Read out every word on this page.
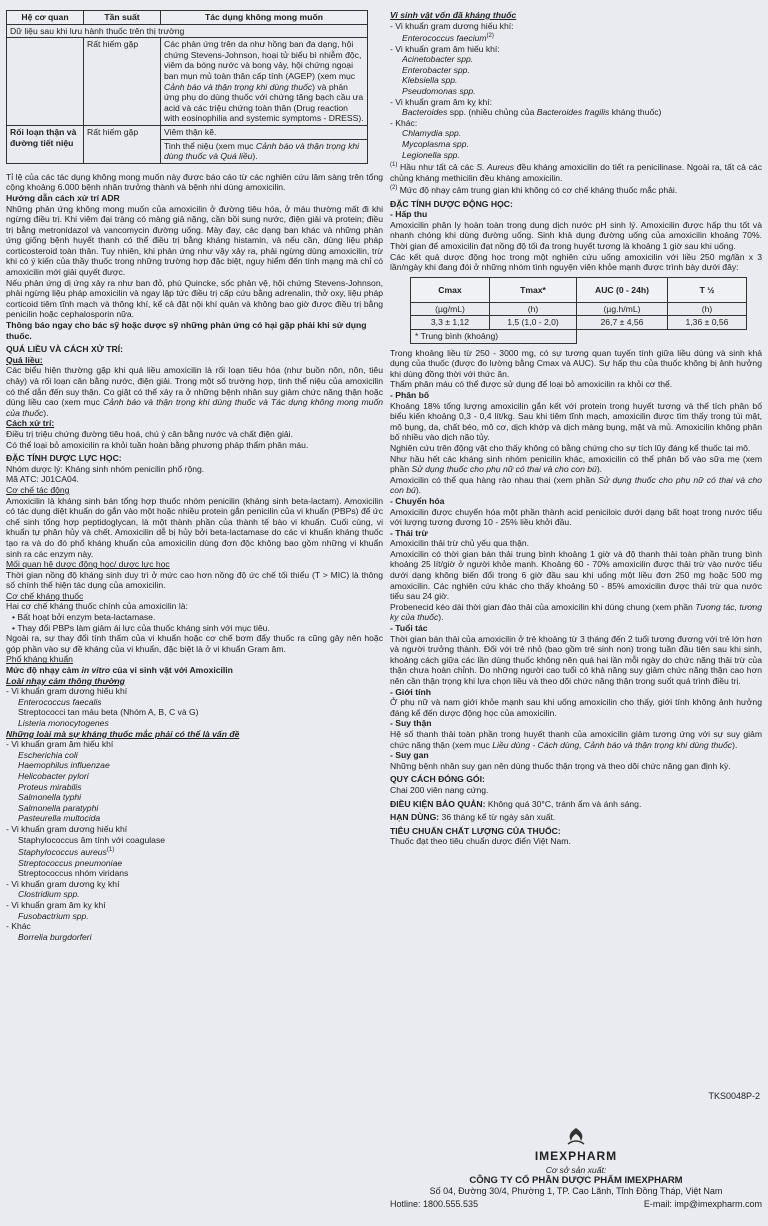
Hệ cơ quan	Tần suất	Tác dụng không mong muốn
Dữ liệu sau khi lưu hành thuốc trên thị trường		
	Rất hiếm gặp	Các phản ứng trên da như hồng ban đa dạng, hội chứng Stevens-Johnson, hoại tử biểu bì nhiễm độc, viêm da bóng nước và bong vảy, hội chứng ngoại ban mụn mủ toàn thân cấp tính (AGEP) (xem mục Cảnh báo và thận trọng khi dùng thuốc) và phản ứng phụ do dùng thuốc với chứng tăng bạch cầu ưa acid và các triệu chứng toàn thân (Drug reaction with eosinophilia and systemic symptoms - DRESS).
Rối loạn thận và đường tiết niệu	Rất hiếm gặp	Viêm thận kẽ.
		Tinh thể niệu (xem mục Cảnh báo và thận trọng khi dùng thuốc và Quá liều).

Tỉ lệ của các tác dụng không mong muốn này được báo cáo từ các nghiên cứu lâm sàng trên tổng cộng khoảng 6.000 bệnh nhân trưởng thành và bệnh nhi dùng amoxicilin.

Hướng dẫn cách xử trí ADR

Những phản ứng không mong muốn của amoxicilin ở đường tiêu hóa, ở máu thường mất đi khi ngừng điều trị. Khi viêm đại tràng có màng giả nặng, cần bồi sung nước, điện giải và protein; điều trị bằng metronidazol và vancomycin đường uống. Mày đay, các dạng ban khác và những phản ứng giống bệnh huyết thanh có thể điều trị bằng kháng histamin, và nếu cần, dùng liệu pháp corticosteroid toàn thân. Tuy nhiên, khi phản ứng như vậy xảy ra, phải ngừng dùng amoxicilin, trừ khi có ý kiến của thầy thuốc trong những trường hợp đặc biệt, nguy hiểm đến tính mạng mà chỉ có amoxicilin mới giải quyết được.

Nếu phản ứng dị ứng xảy ra như ban đỏ, phù Quincke, sốc phản vệ, hội chứng Stevens-Johnson, phải ngừng liệu pháp amoxicilin và ngay lập tức điều trị cấp cứu bằng adrenalin, thở oxy, liệu pháp corticoid tiêm tĩnh mạch và thông khí, kể cả đặt nội khí quản và không bao giờ được điều trị bằng penicilin hoặc cephalosporin nữa.

Thông báo ngay cho bác sỹ hoặc dược sỹ những phản ứng có hại gặp phải khi sử dụng thuốc.

QUÁ LIỀU VÀ CÁCH XỬ TRÍ:

Quá liều:

Các biểu hiện thường gặp khi quá liều amoxicilin là rối loạn tiêu hóa (như buồn nôn, nôn, tiêu chảy) và rối loạn cân bằng nước, điện giải. Trong một số trường hợp, tinh thể niệu của amoxicilin có thể dẫn đến suy thận. Co giật có thể xảy ra ở những bệnh nhân suy giảm chức năng thận hoặc dùng liều cao (xem mục Cảnh báo và thận trọng khi dùng thuốc và Tác dụng không mong muốn của thuốc).

Cách xử trí:

Điều trị triệu chứng đường tiêu hoá, chú ý cân bằng nước và chất điện giải.

Có thể loại bỏ amoxicilin ra khỏi tuần hoàn bằng phương pháp thẩm phân máu.

ĐẶC TÍNH DƯỢC LỰC HỌC:

Nhóm dược lý: Kháng sinh nhóm penicilin phổ rộng.

Mã ATC: J01CA04.

Cơ chế tác động

Amoxicilin là kháng sinh bán tổng hợp thuốc nhóm penicilin (kháng sinh beta-lactam). Amoxicilin có tác dụng diệt khuẩn do gắn vào một hoặc nhiều protein gắn penicilin của vi khuẩn (PBPs) để ức chế sinh tổng hợp peptidoglycan, là một thành phần của thành tế bào vi khuẩn. Cuối cùng, vi khuẩn tự phân hủy và chết. Amoxicilin dễ bị hủy bởi beta-lactamase do các vi khuẩn kháng thuốc tạo ra và do đó phổ kháng khuẩn của amoxicilin dùng đơn độc không bao gồm những vi khuẩn sinh ra các enzym này.

Mối quan hệ dược động học/ dược lực học

Thời gian nồng độ kháng sinh duy trì ở mức cao hơn nồng độ ức chế tối thiểu (T > MIC) là thông số chính thể hiện tác dụng của amoxicilin.

Cơ chế kháng thuốc

Hai cơ chế kháng thuốc chính của amoxicilin là:

• Bất hoạt bởi enzym beta-lactamase.

• Thay đổi PBPs làm giảm ái lực của thuốc kháng sinh với mục tiêu.

Ngoài ra, sự thay đổi tính thấm của vi khuẩn hoặc cơ chế bơm đẩy thuốc ra cũng gây nên hoặc góp phần vào sự đề kháng của vi khuẩn, đặc biệt là ở vi khuẩn Gram âm.

Phổ kháng khuẩn

Mức độ nhạy cảm in vitro của vi sinh vật với Amoxicilin

Loài nhạy cảm thông thường

- Vi khuẩn gram dương hiếu khí

Enterococcus faecalis

Streptococci tan máu beta (Nhóm A, B, C và G)

Listeria monocytogenes

Những loài mà sự kháng thuốc mắc phải có thể là vấn đề

- Vi khuẩn gram âm hiếu khí

Escherichia coli

Haemophilus influenzae

Helicobacter pylori

Proteus mirabilis

Salmonella typhi

Salmonella paratyphi

Pasteurella multocida

- Vi khuẩn gram dương hiếu khí

Staphylococcus âm tính với coagulase

Staphylococcus aureus$^{(1)}$

Streptococcus pneumoniae

Streptococcus nhóm viridans

- Vi khuẩn gram dương kỵ khí

Clostridium spp.

- Vi khuẩn gram âm kỵ khí

Fusobactrium spp.

- Khác

Borrelia burgdorferi

Vi sinh vật vốn đã kháng thuốc

- Vi khuẩn gram dương hiếu khí:

Enterococcus faecium$^{(2)}$

- Vi khuẩn gram âm hiếu khí:

Acinetobacter spp.

Enterobacter spp.

Klebsiella spp.

Pseudomonas spp.

- Vi khuẩn gram âm kỵ khí:

Bacteroides spp. (nhiều chủng của Bacteroides fragilis kháng thuốc)

- Khác:

Chlamydia spp.

Mycoplasma spp.

Legionella spp.

$^{(1)}$ Hầu như tất cả các S. Aureus đều kháng amoxicilin do tiết ra penicilinase. Ngoài ra, tất cả các chủng kháng methicilin đều kháng amoxicilin.

$^{(2)}$ Mức độ nhạy cảm trung gian khi không có cơ chế kháng thuốc mắc phải.

ĐẶC TÍNH DƯỢC ĐỘNG HỌC:

- Hấp thu

Amoxicilin phân ly hoàn toàn trong dung dịch nước pH sinh lý. Amoxicilin được hấp thu tốt và nhanh chóng khi dùng đường uống. Sinh khả dụng đường uống của amoxicilin khoảng 70%. Thời gian để amoxicilin đạt nồng độ tối đa trong huyết tương là khoảng 1 giờ sau khi uống.

Các kết quả dược động học trong một nghiên cứu uống amoxicilin với liều 250 mg/lần x 3 lần/ngày khi đang đói ở những nhóm tình nguyện viên khỏe mạnh được trình bày dưới đây:

Cmax	Tmax*	AUC (0 - 24h)	T ½
(µg/mL)	(h)	(µg.h/mL)	(h)
3,3 ± 1,12	1,5 (1,0 - 2,0)	26,7 ± 4,56	1,36 ± 0,56
* Trung bình (khoảng)			

Trong khoảng liều từ 250 - 3000 mg, có sự tương quan tuyến tính giữa liều dùng và sinh khả dụng của thuốc (được đo lường bằng Cmax và AUC). Sự hấp thu của thuốc không bị ảnh hưởng khi dùng đồng thời với thức ăn.

Thẩm phân máu có thể được sử dụng để loại bỏ amoxicilin ra khỏi cơ thể.

- Phân bố

Khoảng 18% tổng lượng amoxicilin gắn kết với protein trong huyết tương và thể tích phân bố biểu kiến khoảng 0,3 - 0,4 lít/kg. Sau khi tiêm tĩnh mạch, amoxicilin được tìm thấy trong túi mật, mô bụng, da, chất béo, mô cơ, dịch khớp và dịch màng bụng, mật và mủ. Amoxicilin không phân bố nhiều vào dịch não tủy.

Nghiên cứu trên động vật cho thấy không có bằng chứng cho sự tích lũy đáng kể thuốc tại mô.

Như hầu hết các kháng sinh nhóm penicilin khác, amoxicilin có thể phân bố vào sữa mẹ (xem phần Sử dụng thuốc cho phụ nữ có thai và cho con bú).

Amoxicilin có thể qua hàng rào nhau thai (xem phần Sử dụng thuốc cho phụ nữ có thai và cho con bú).

- Chuyển hóa

Amoxicilin được chuyển hóa một phần thành acid peniciloic dưới dạng bất hoạt trong nước tiểu với lượng tương đương 10 - 25% liều khởi đầu.

- Thải trừ

Amoxicilin thải trừ chủ yếu qua thận.

Amoxicilin có thời gian bán thải trung bình khoảng 1 giờ và độ thanh thải toàn phần trung bình khoảng 25 lít/giờ ở người khỏe mạnh. Khoảng 60 - 70% amoxicilin được thải trừ vào nước tiểu dưới dạng không biến đổi trong 6 giờ đầu sau khi uống một liều đơn 250 mg hoặc 500 mg amoxicilin. Các nghiên cứu khác cho thấy khoảng 50 - 85% amoxicilin được thải trừ qua nước tiểu sau 24 giờ.

Probenecid kéo dài thời gian đào thải của amoxicilin khi dùng chung (xem phần Tương tác, tương kỵ của thuốc).

- Tuổi tác

Thời gian bán thải của amoxicilin ở trẻ khoảng từ 3 tháng đến 2 tuổi tương đương với trẻ lớn hơn và người trưởng thành. Đối với trẻ nhỏ (bao gồm trẻ sinh non) trong tuần đầu tiên sau khi sinh, khoảng cách giữa các lần dùng thuốc không nên quá hai lần mỗi ngày do chức năng thải trừ của thận chưa hoàn chỉnh. Do những người cao tuổi có khả năng suy giảm chức năng thận cao hơn nên cần thận trọng khi lựa chọn liều và theo dõi chức năng thận trong suốt quá trình điều trị.

- Giới tính

Ở phụ nữ và nam giới khỏe mạnh sau khi uống amoxicilin cho thấy, giới tính không ảnh hưởng đáng kể đến dược động học của amoxicilin.

- Suy thận

Hệ số thanh thải toàn phần trong huyết thanh của amoxicilin giảm tương ứng với sự suy giảm chức năng thận (xem mục Liều dùng - Cách dùng, Cảnh báo và thận trọng khi dùng thuốc).

- Suy gan

Những bệnh nhân suy gan nên dùng thuốc thận trọng và theo dõi chức năng gan định kỳ.

QUY CÁCH ĐÓNG GÓI:

Chai 200 viên nang cứng.

ĐIỀU KIỆN BẢO QUẢN: Không quá 30°C, tránh ẩm và ánh sáng.

HẠN DÙNG: 36 tháng kể từ ngày sản xuất.

TIÊU CHUẨN CHẤT LƯỢNG CỦA THUỐC:

Thuốc đạt theo tiêu chuẩn dược điển Việt Nam.

TKS0048P-2
IMEXPHARM

Cơ sở sản xuất:

CÔNG TY CỔ PHẦN DƯỢC PHẨM IMEXPHARM

Số 04, Đường 30/4, Phường 1, TP. Cao Lãnh, Tỉnh Đồng Tháp, Việt Nam

Hotline: 1800.555.535	E-mail: imp@imexpharm.com
